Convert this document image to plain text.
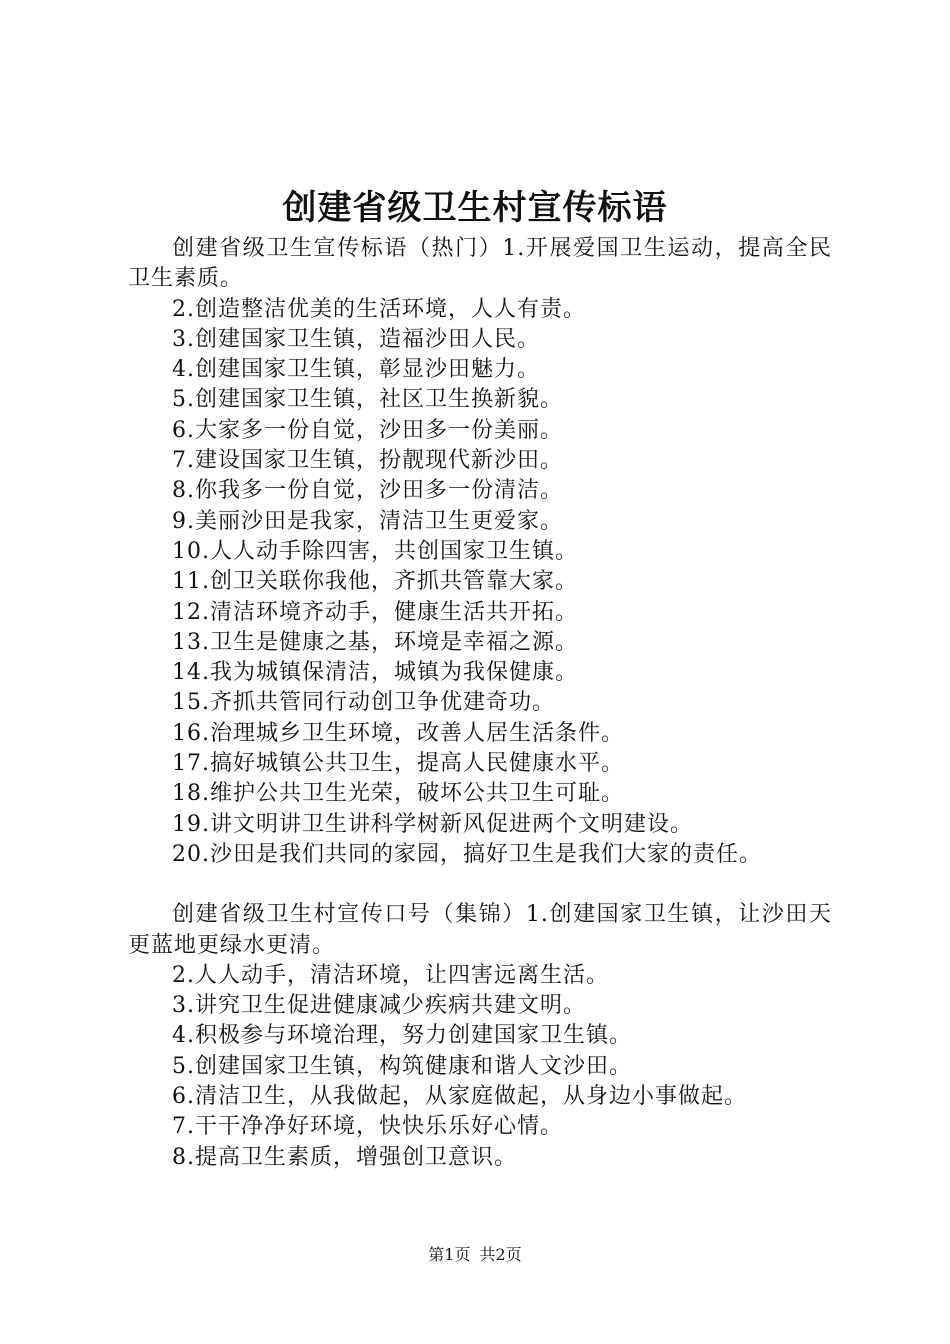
创建省级卫生村宣传标语

创建省级卫生宣传标语（热门）1.开展爱国卫生运动，提高全民卫生素质。

2.创造整洁优美的生活环境，人人有责。

3.创建国家卫生镇，造福沙田人民。

4.创建国家卫生镇，彰显沙田魅力。

5.创建国家卫生镇，社区卫生换新貌。

6.大家多一份自觉，沙田多一份美丽。

7.建设国家卫生镇，扮靓现代新沙田。

8.你我多一份自觉，沙田多一份清洁。

9.美丽沙田是我家，清洁卫生更爱家。

10.人人动手除四害，共创国家卫生镇。

11.创卫关联你我他，齐抓共管靠大家。

12.清洁环境齐动手，健康生活共开拓。

13.卫生是健康之基，环境是幸福之源。

14.我为城镇保清洁，城镇为我保健康。

15.齐抓共管同行动创卫争优建奇功。

16.治理城乡卫生环境，改善人居生活条件。

17.搞好城镇公共卫生，提高人民健康水平。

18.维护公共卫生光荣，破坏公共卫生可耻。

19.讲文明讲卫生讲科学树新风促进两个文明建设。

20.沙田是我们共同的家园，搞好卫生是我们大家的责任。

创建省级卫生村宣传口号（集锦）1.创建国家卫生镇，让沙田天更蓝地更绿水更清。

2.人人动手，清洁环境，让四害远离生活。

3.讲究卫生促进健康减少疾病共建文明。

4.积极参与环境治理，努力创建国家卫生镇。

5.创建国家卫生镇，构筑健康和谐人文沙田。

6.清洁卫生，从我做起，从家庭做起，从身边小事做起。

7.干干净净好环境，快快乐乐好心情。

8.提高卫生素质，增强创卫意识。

第1页 共2页
